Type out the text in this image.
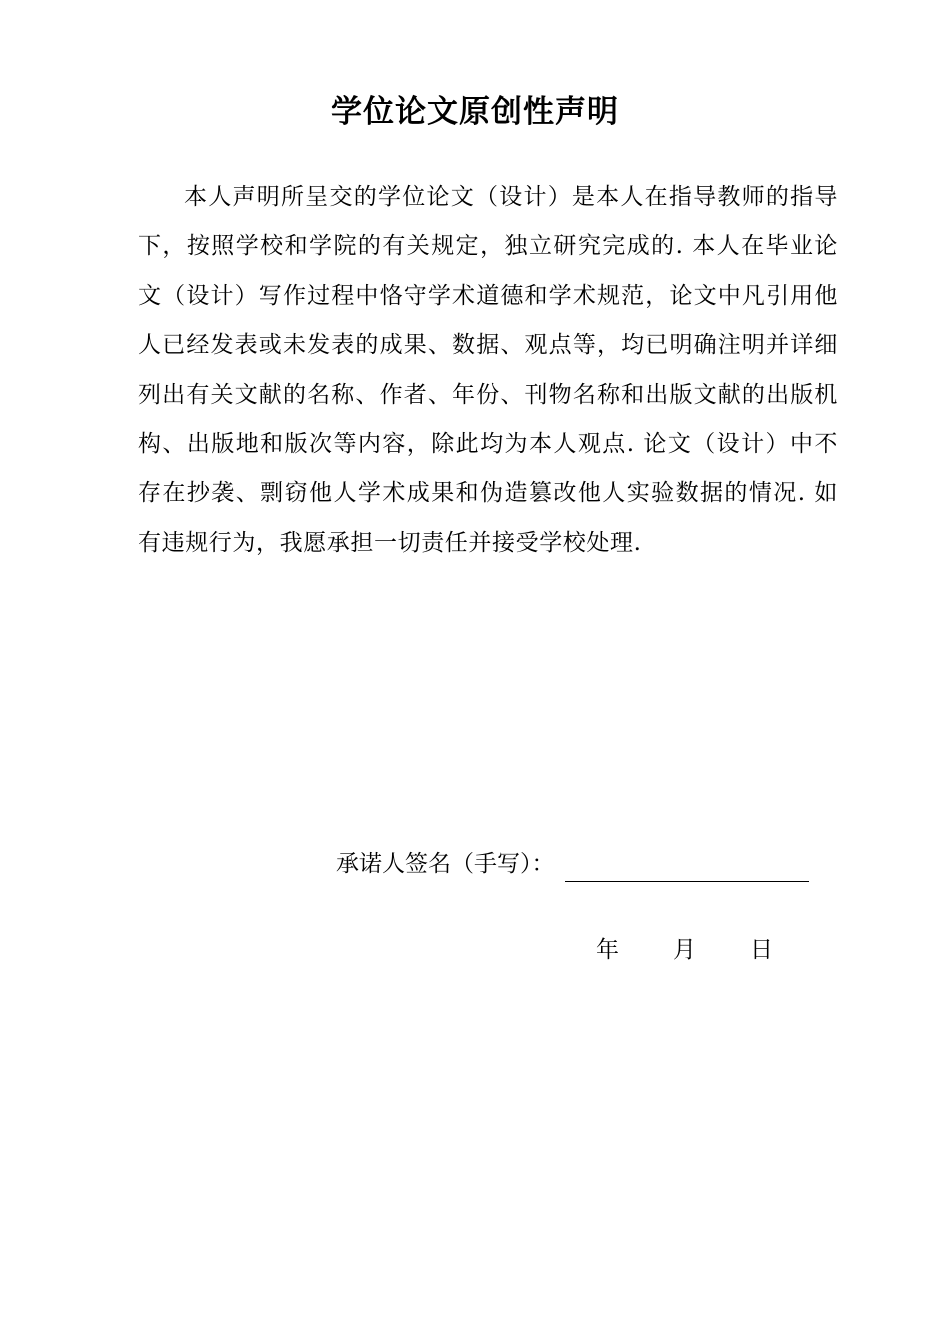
学位论文原创性声明

本人声明所呈交的学位论文（设计）是本人在指导教师的指导下，按照学校和学院的有关规定，独立研究完成的. 本人在毕业论文（设计）写作过程中恪守学术道德和学术规范，论文中凡引用他人已经发表或未发表的成果、数据、观点等，均已明确注明并详细列出有关文献的名称、作者、年份、刊物名称和出版文献的出版机构、出版地和版次等内容，除此均为本人观点. 论文（设计）中不存在抄袭、剽窃他人学术成果和伪造篡改他人实验数据的情况. 如有违规行为，我愿承担一切责任并接受学校处理.

承诺人签名（手写）：
年 月 日
